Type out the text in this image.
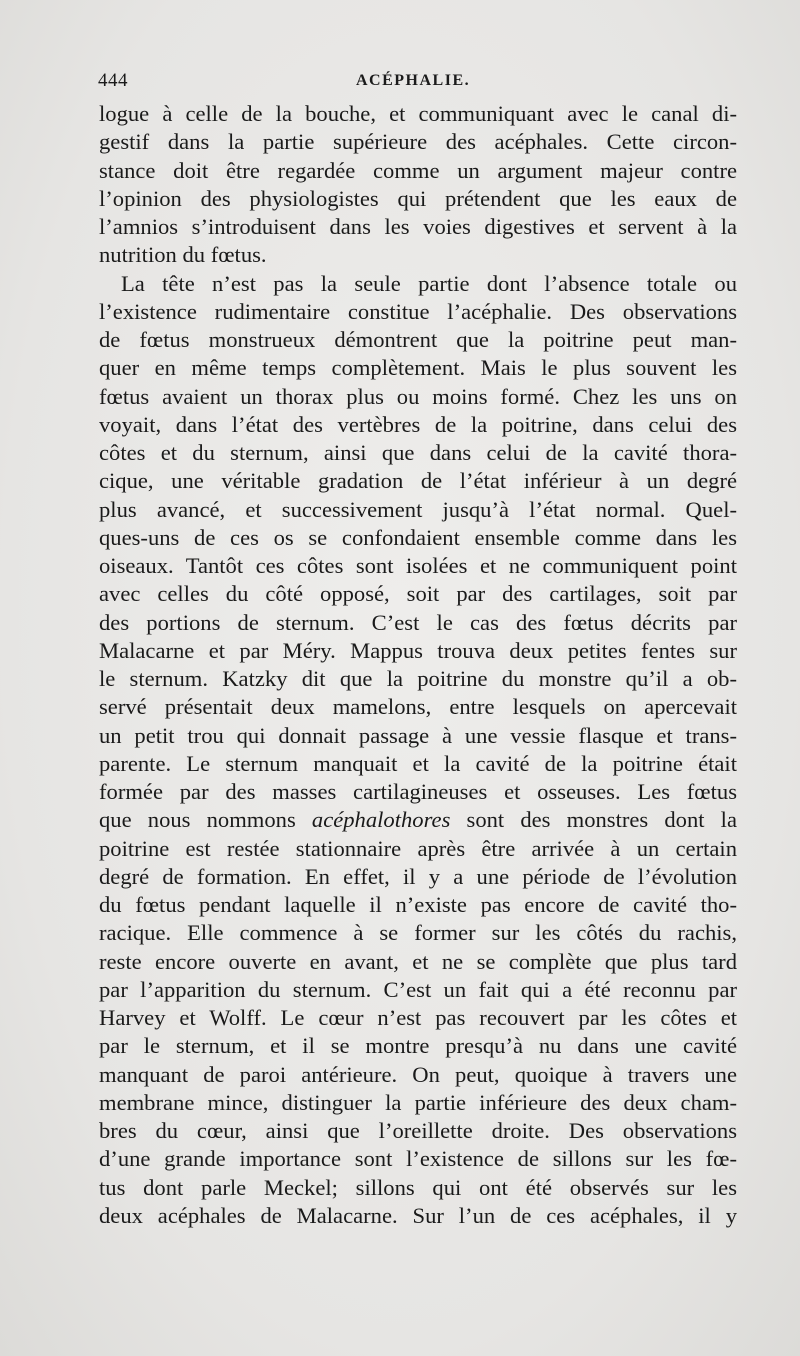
444	ACÉPHALIE.
logue à celle de la bouche, et communiquant avec le canal di-
gestif dans la partie supérieure des acéphales. Cette circon-
stance doit être regardée comme un argument majeur contre
l’opinion des physiologistes qui prétendent que les eaux de
l’amnios s’introduisent dans les voies digestives et servent à la
nutrition du fœtus.
La tête n’est pas la seule partie dont l’absence totale ou
l’existence rudimentaire constitue l’acéphalie. Des observations
de fœtus monstrueux démontrent que la poitrine peut man-
quer en même temps complètement. Mais le plus souvent les
fœtus avaient un thorax plus ou moins formé. Chez les uns on
voyait, dans l’état des vertèbres de la poitrine, dans celui des
côtes et du sternum, ainsi que dans celui de la cavité thora-
cique, une véritable gradation de l’état inférieur à un degré
plus avancé, et successivement jusqu’à l’état normal. Quel-
ques-uns de ces os se confondaient ensemble comme dans les
oiseaux. Tantôt ces côtes sont isolées et ne communiquent point
avec celles du côté opposé, soit par des cartilages, soit par
des portions de sternum. C’est le cas des fœtus décrits par
Malacarne et par Méry. Mappus trouva deux petites fentes sur
le sternum. Katzky dit que la poitrine du monstre qu’il a ob-
servé présentait deux mamelons, entre lesquels on apercevait
un petit trou qui donnait passage à une vessie flasque et trans-
parente. Le sternum manquait et la cavité de la poitrine était
formée par des masses cartilagineuses et osseuses. Les fœtus
que nous nommons acéphalothores sont des monstres dont la
poitrine est restée stationnaire après être arrivée à un certain
degré de formation. En effet, il y a une période de l’évolution
du fœtus pendant laquelle il n’existe pas encore de cavité tho-
racique. Elle commence à se former sur les côtés du rachis,
reste encore ouverte en avant, et ne se complète que plus tard
par l’apparition du sternum. C’est un fait qui a été reconnu par
Harvey et Wolff. Le cœur n’est pas recouvert par les côtes et
par le sternum, et il se montre presqu’à nu dans une cavité
manquant de paroi antérieure. On peut, quoique à travers une
membrane mince, distinguer la partie inférieure des deux cham-
bres du cœur, ainsi que l’oreillette droite. Des observations
d’une grande importance sont l’existence de sillons sur les fœ-
tus dont parle Meckel; sillons qui ont été observés sur les
deux acéphales de Malacarne. Sur l’un de ces acéphales, il y
